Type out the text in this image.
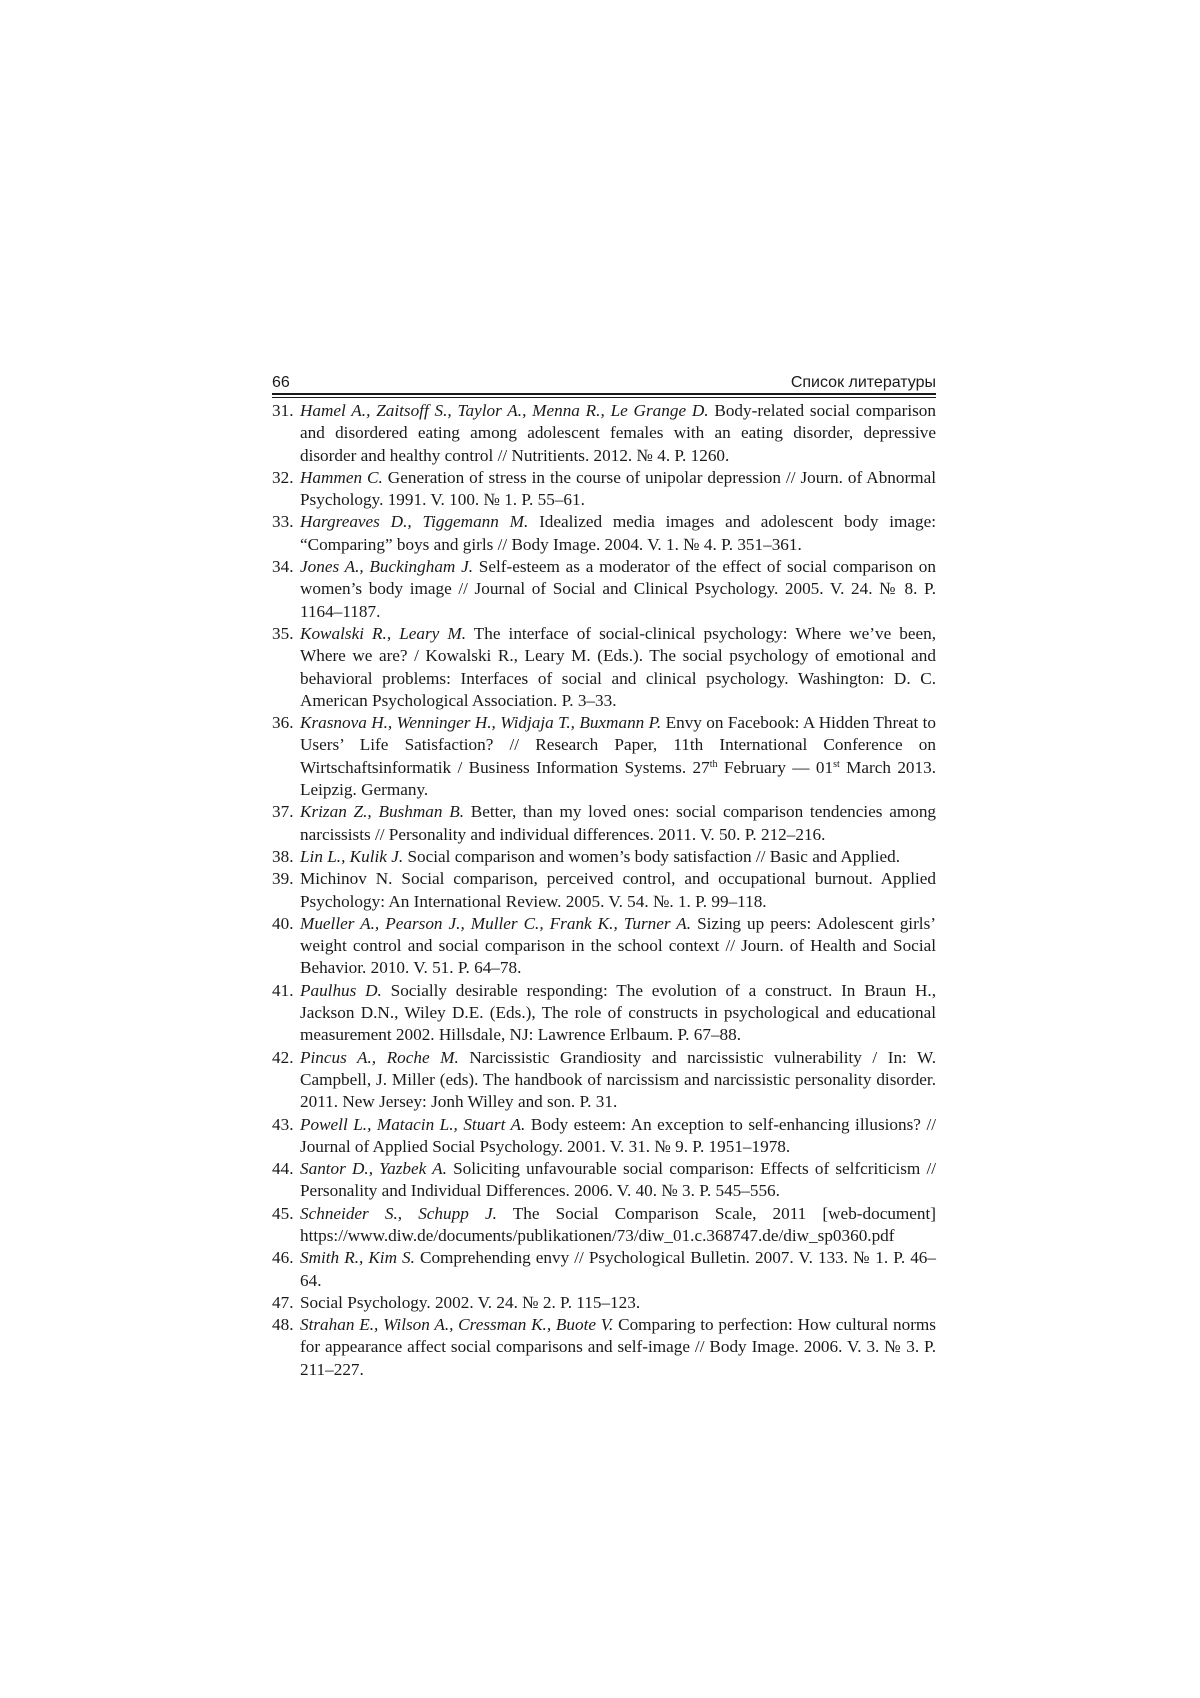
66	Список литературы
31. Hamel A., Zaitsoff S., Taylor A., Menna R., Le Grange D. Body-related social comparison and disordered eating among adolescent females with an eating disorder, depressive disorder and healthy control // Nutritients. 2012. № 4. P. 1260.
32. Hammen C. Generation of stress in the course of unipolar depression // Journ. of Abnormal Psychology. 1991. V. 100. № 1. P. 55–61.
33. Hargreaves D., Tiggemann M. Idealized media images and adolescent body image: “Comparing” boys and girls // Body Image. 2004. V. 1. № 4. P. 351–361.
34. Jones A., Buckingham J. Self-esteem as a moderator of the effect of social comparison on women’s body image // Journal of Social and Clinical Psychology. 2005. V. 24. № 8. P. 1164–1187.
35. Kowalski R., Leary M. The interface of social-clinical psychology: Where we’ve been, Where we are? / Kowalski R., Leary M. (Eds.). The social psychology of emotional and behavioral problems: Interfaces of social and clinical psychology. Washington: D. C. American Psychological Association. P. 3–33.
36. Krasnova H., Wenninger H., Widjaja T., Buxmann P. Envy on Facebook: A Hidden Threat to Users’ Life Satisfaction? // Research Paper, 11th International Conference on Wirtschaftsinformatik / Business Information Systems. 27th February — 01st March 2013. Leipzig. Germany.
37. Krizan Z., Bushman B. Better, than my loved ones: social comparison tendencies among narcissists // Personality and individual differences. 2011. V. 50. P. 212–216.
38. Lin L., Kulik J. Social comparison and women’s body satisfaction // Basic and Applied.
39. Michinov N. Social comparison, perceived control, and occupational burnout. Applied Psychology: An International Review. 2005. V. 54. №. 1. P. 99–118.
40. Mueller A., Pearson J., Muller C., Frank K., Turner A. Sizing up peers: Adolescent girls’ weight control and social comparison in the school context // Journ. of Health and Social Behavior. 2010. V. 51. P. 64–78.
41. Paulhus D. Socially desirable responding: The evolution of a construct. In Braun H., Jackson D.N., Wiley D.E. (Eds.), The role of constructs in psychological and educational measurement 2002. Hillsdale, NJ: Lawrence Erlbaum. P. 67–88.
42. Pincus A., Roche M. Narcissistic Grandiosity and narcissistic vulnerability / In: W. Campbell, J. Miller (eds). The handbook of narcissism and narcissistic personality disorder. 2011. New Jersey: Jonh Willey and son. P. 31.
43. Powell L., Matacin L., Stuart A. Body esteem: An exception to self-enhancing illusions? // Journal of Applied Social Psychology. 2001. V. 31. № 9. P. 1951–1978.
44. Santor D., Yazbek A. Soliciting unfavourable social comparison: Effects of selfcriticism // Personality and Individual Differences. 2006. V. 40. № 3. P. 545–556.
45. Schneider S., Schupp J. The Social Comparison Scale, 2011 [web-document] https://www.diw.de/documents/publikationen/73/diw_01.c.368747.de/diw_sp0360.pdf
46. Smith R., Kim S. Comprehending envy // Psychological Bulletin. 2007. V. 133. № 1. P. 46–64.
47. Social Psychology. 2002. V. 24. № 2. P. 115–123.
48. Strahan E., Wilson A., Cressman K., Buote V. Comparing to perfection: How cultural norms for appearance affect social comparisons and self-image // Body Image. 2006. V. 3. № 3. P. 211–227.
